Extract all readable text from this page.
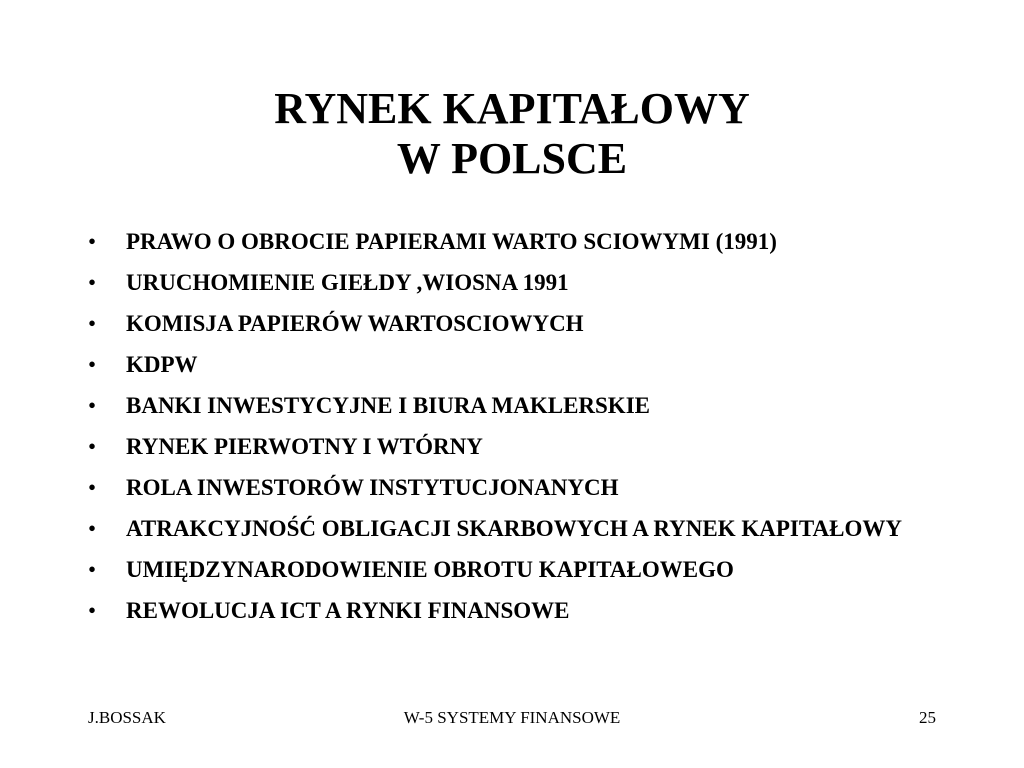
RYNEK KAPITAŁOWY
W POLSCE
• PRAWO O OBROCIE PAPIERAMI WARTO SCIOWYMI (1991)
• URUCHOMIENIE GIEŁDY ,WIOSNA 1991
• KOMISJA PAPIERÓW WARTOSCIOWYCH
• KDPW
• BANKI INWESTYCYJNE I BIURA MAKLERSKIE
• RYNEK PIERWOTNY I WTÓRNY
• ROLA INWESTORÓW INSTYTUCJONANYCH
• ATRAKCYJNOŚĆ OBLIGACJI SKARBOWYCH A RYNEK KAPITAŁOWY
• UMIĘDZYNARODOWIENIE OBROTU KAPITAŁOWEGO
• REWOLUCJA ICT A RYNKI FINANSOWE
J.BOSSAK	W-5 SYSTEMY FINANSOWE	25
